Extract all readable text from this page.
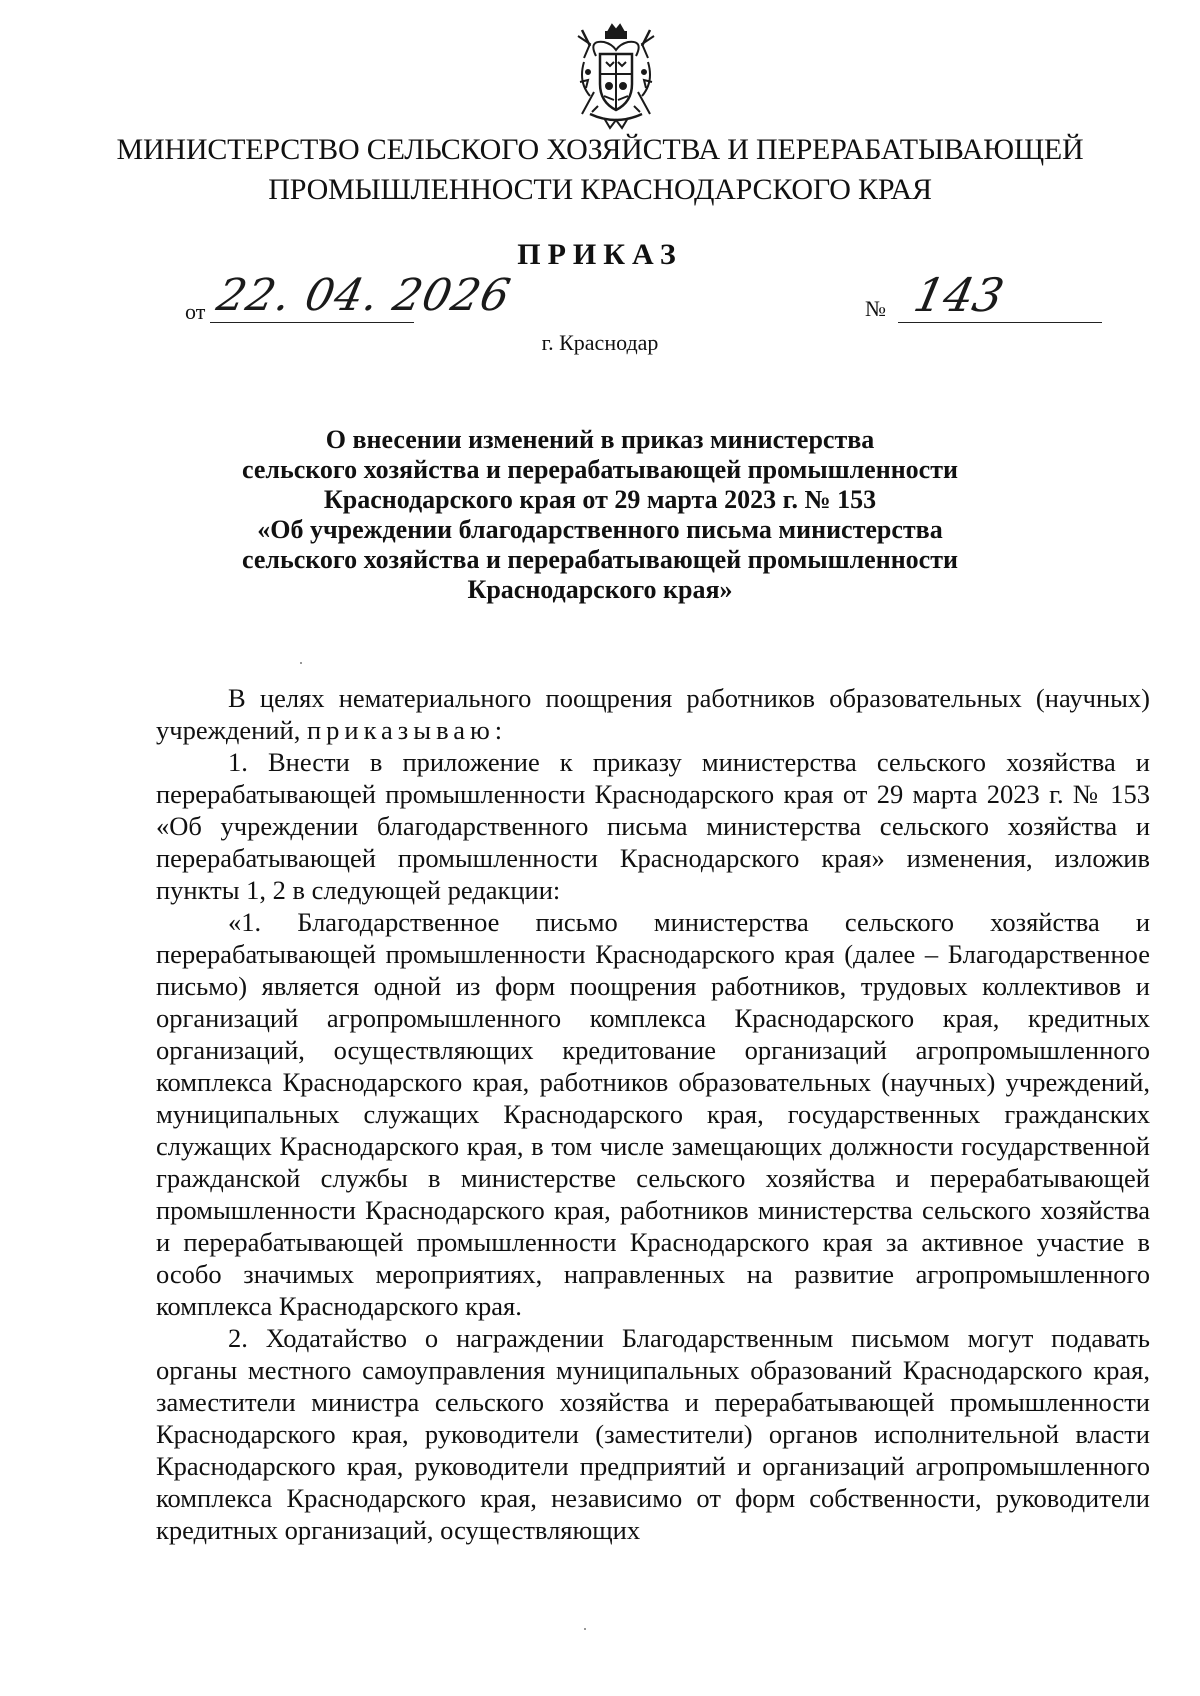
МИНИСТЕРСТВО СЕЛЬСКОГО ХОЗЯЙСТВА И ПЕРЕРАБАТЫВАЮЩЕЙ
ПРОМЫШЛЕННОСТИ КРАСНОДАРСКОГО КРАЯ
ПРИКАЗ
от 22. 04. 2026	№ 143
г. Краснодар
О внесении изменений в приказ министерства
сельского хозяйства и перерабатывающей промышленности
Краснодарского края от 29 марта 2023 г. № 153
«Об учреждении благодарственного письма министерства
сельского хозяйства и перерабатывающей промышленности
Краснодарского края»

В целях нематериального поощрения работников образовательных (научных) учреждений, приказываю:

1. Внести в приложение к приказу министерства сельского хозяйства и перерабатывающей промышленности Краснодарского края от 29 марта 2023 г. № 153 «Об учреждении благодарственного письма министерства сельского хозяйства и перерабатывающей промышленности Краснодарского края» изменения, изложив пункты 1, 2 в следующей редакции:

«1. Благодарственное письмо министерства сельского хозяйства и перерабатывающей промышленности Краснодарского края (далее – Благодарственное письмо) является одной из форм поощрения работников, трудовых коллективов и организаций агропромышленного комплекса Краснодарского края, кредитных организаций, осуществляющих кредитование организаций агропромышленного комплекса Краснодарского края, работников образовательных (научных) учреждений, муниципальных служащих Краснодарского края, государственных гражданских служащих Краснодарского края, в том числе замещающих должности государственной гражданской службы в министерстве сельского хозяйства и перерабатывающей промышленности Краснодарского края, работников министерства сельского хозяйства и перерабатывающей промышленности Краснодарского края за активное участие в особо значимых мероприятиях, направленных на развитие агропромышленного комплекса Краснодарского края.

2. Ходатайство о награждении Благодарственным письмом могут подавать органы местного самоуправления муниципальных образований Краснодарского края, заместители министра сельского хозяйства и перерабатывающей промышленности Краснодарского края, руководители (заместители) органов исполнительной власти Краснодарского края, руководители предприятий и организаций агропромышленного комплекса Краснодарского края, независимо от форм собственности, руководители кредитных организаций, осуществляющих
